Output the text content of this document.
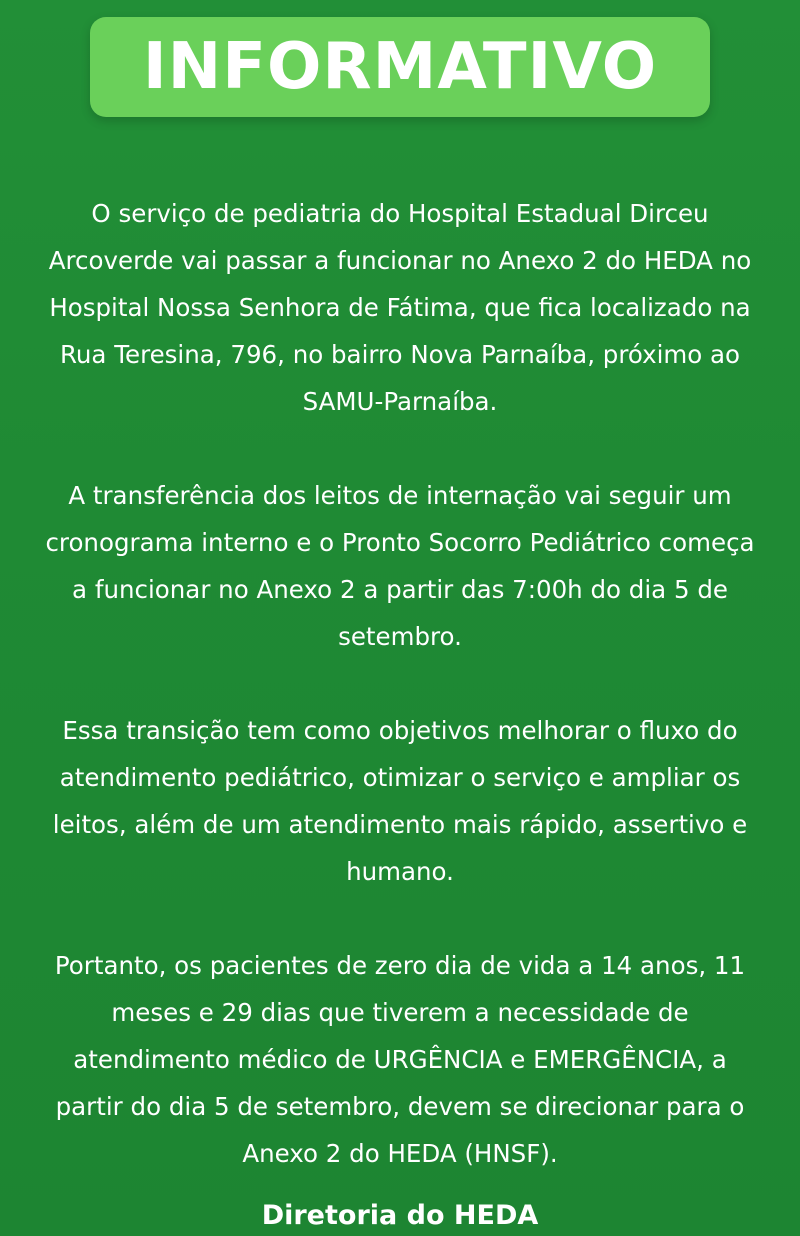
INFORMATIVO

O serviço de pediatria do Hospital Estadual Dirceu Arcoverde vai passar a funcionar no Anexo 2 do HEDA no Hospital Nossa Senhora de Fátima, que fica localizado na Rua Teresina, 796, no bairro Nova Parnaíba, próximo ao SAMU-Parnaíba.

A transferência dos leitos de internação vai seguir um cronograma interno e o Pronto Socorro Pediátrico começa a funcionar no Anexo 2 a partir das 7:00h do dia 5 de setembro.

Essa transição tem como objetivos melhorar o fluxo do atendimento pediátrico, otimizar o serviço e ampliar os leitos, além de um atendimento mais rápido, assertivo e humano.

Portanto, os pacientes de zero dia de vida a 14 anos, 11 meses e 29 dias que tiverem a necessidade de atendimento médico de URGÊNCIA e EMERGÊNCIA, a partir do dia 5 de setembro, devem se direcionar para o Anexo 2 do HEDA (HNSF).

Diretoria do HEDA
